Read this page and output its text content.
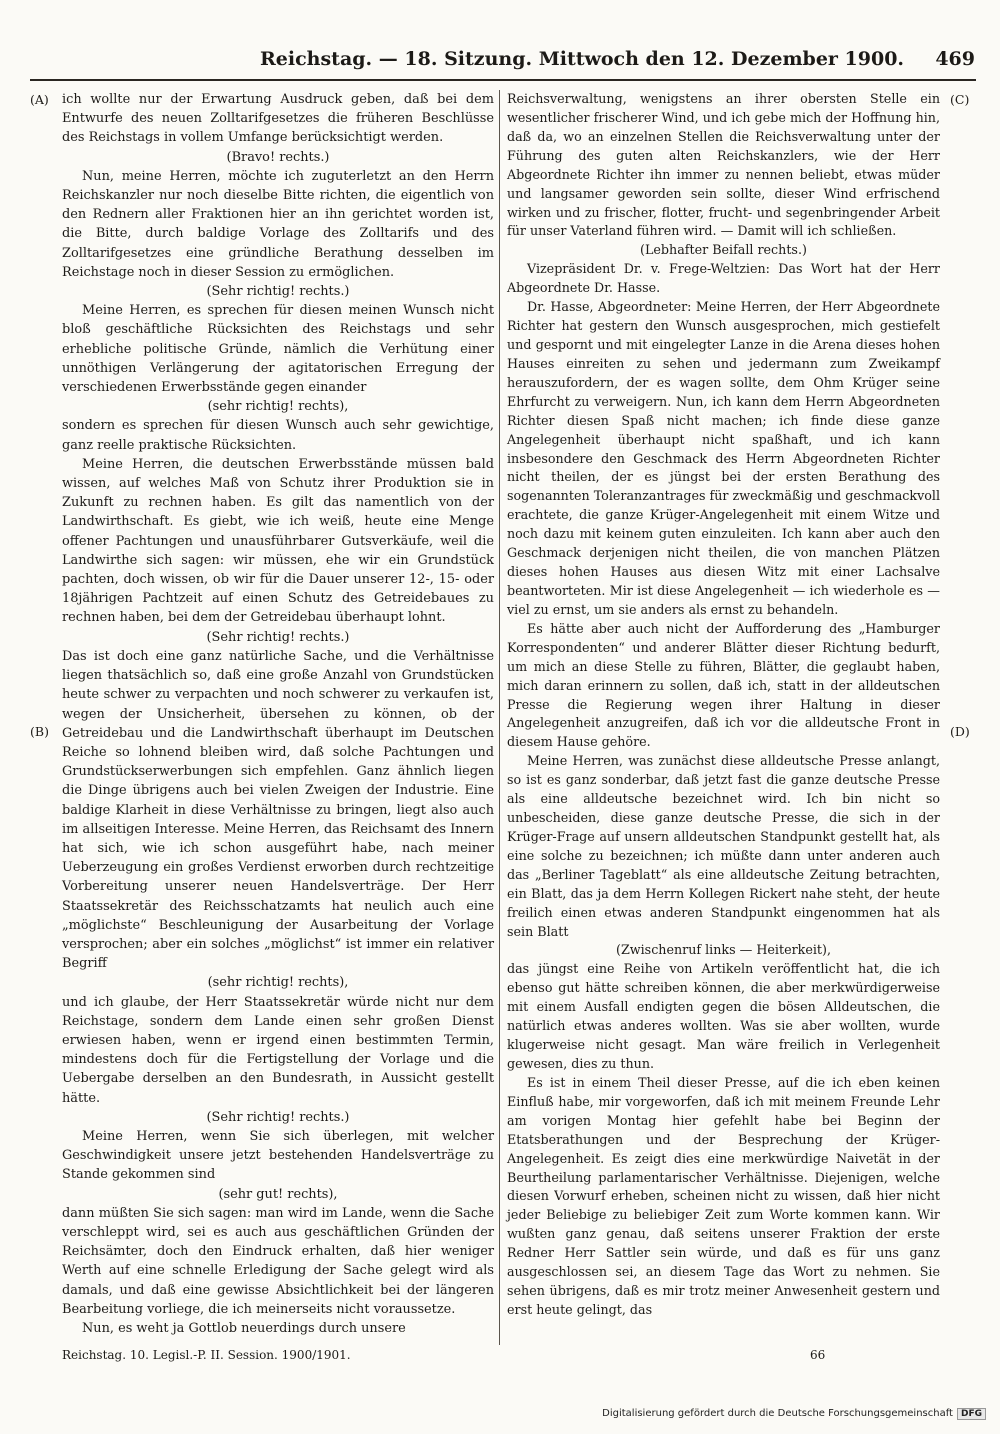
Reichstag. — 18. Sitzung. Mittwoch den 12. Dezember 1900. 469
(A)
(B)
(C)
(D)

ich wollte nur der Erwartung Ausdruck geben, daß bei dem Entwurfe des neuen Zolltarifgesetzes die früheren Beschlüsse des Reichstags in vollem Umfange berücksichtigt werden.

(Bravo! rechts.)

Nun, meine Herren, möchte ich zuguterletzt an den Herrn Reichskanzler nur noch dieselbe Bitte richten, die eigentlich von den Rednern aller Fraktionen hier an ihn gerichtet worden ist, die Bitte, durch baldige Vorlage des Zolltarifs und des Zolltarifgesetzes eine gründliche Berathung desselben im Reichstage noch in dieser Session zu ermöglichen.

(Sehr richtig! rechts.)

Meine Herren, es sprechen für diesen meinen Wunsch nicht bloß geschäftliche Rücksichten des Reichstags und sehr erhebliche politische Gründe, nämlich die Verhütung einer unnöthigen Verlängerung der agitatorischen Erregung der verschiedenen Erwerbsstände gegen einander

(sehr richtig! rechts),

sondern es sprechen für diesen Wunsch auch sehr gewichtige, ganz reelle praktische Rücksichten.

Meine Herren, die deutschen Erwerbsstände müssen bald wissen, auf welches Maß von Schutz ihrer Produktion sie in Zukunft zu rechnen haben. Es gilt das namentlich von der Landwirthschaft. Es giebt, wie ich weiß, heute eine Menge offener Pachtungen und unausführbarer Gutsverkäufe, weil die Landwirthe sich sagen: wir müssen, ehe wir ein Grundstück pachten, doch wissen, ob wir für die Dauer unserer 12-, 15- oder 18jährigen Pachtzeit auf einen Schutz des Getreidebaues zu rechnen haben, bei dem der Getreidebau überhaupt lohnt.

(Sehr richtig! rechts.)

Das ist doch eine ganz natürliche Sache, und die Verhältnisse liegen thatsächlich so, daß eine große Anzahl von Grundstücken heute schwer zu verpachten und noch schwerer zu verkaufen ist, wegen der Unsicherheit, übersehen zu können, ob der Getreidebau und die Landwirthschaft überhaupt im Deutschen Reiche so lohnend bleiben wird, daß solche Pachtungen und Grundstückserwerbungen sich empfehlen. Ganz ähnlich liegen die Dinge übrigens auch bei vielen Zweigen der Industrie. Eine baldige Klarheit in diese Verhältnisse zu bringen, liegt also auch im allseitigen Interesse. Meine Herren, das Reichsamt des Innern hat sich, wie ich schon ausgeführt habe, nach meiner Ueberzeugung ein großes Verdienst erworben durch rechtzeitige Vorbereitung unserer neuen Handelsverträge. Der Herr Staatssekretär des Reichsschatzamts hat neulich auch eine „möglichste“ Beschleunigung der Ausarbeitung der Vorlage versprochen; aber ein solches „möglichst“ ist immer ein relativer Begriff

(sehr richtig! rechts),

und ich glaube, der Herr Staatssekretär würde nicht nur dem Reichstage, sondern dem Lande einen sehr großen Dienst erwiesen haben, wenn er irgend einen bestimmten Termin, mindestens doch für die Fertigstellung der Vorlage und die Uebergabe derselben an den Bundesrath, in Aussicht gestellt hätte.

(Sehr richtig! rechts.)

Meine Herren, wenn Sie sich überlegen, mit welcher Geschwindigkeit unsere jetzt bestehenden Handelsverträge zu Stande gekommen sind

(sehr gut! rechts),

dann müßten Sie sich sagen: man wird im Lande, wenn die Sache verschleppt wird, sei es auch aus geschäftlichen Gründen der Reichsämter, doch den Eindruck erhalten, daß hier weniger Werth auf eine schnelle Erledigung der Sache gelegt wird als damals, und daß eine gewisse Absichtlichkeit bei der längeren Bearbeitung vorliege, die ich meinerseits nicht voraussetze.

Nun, es weht ja Gottlob neuerdings durch unsere

Reichsverwaltung, wenigstens an ihrer obersten Stelle ein wesentlicher frischerer Wind, und ich gebe mich der Hoffnung hin, daß da, wo an einzelnen Stellen die Reichsverwaltung unter der Führung des guten alten Reichskanzlers, wie der Herr Abgeordnete Richter ihn immer zu nennen beliebt, etwas müder und langsamer geworden sein sollte, dieser Wind erfrischend wirken und zu frischer, flotter, frucht- und segenbringender Arbeit für unser Vaterland führen wird. — Damit will ich schließen.

(Lebhafter Beifall rechts.)

Vizepräsident Dr. v. Frege-Weltzien: Das Wort hat der Herr Abgeordnete Dr. Hasse.

Dr. Hasse, Abgeordneter: Meine Herren, der Herr Abgeordnete Richter hat gestern den Wunsch ausgesprochen, mich gestiefelt und gespornt und mit eingelegter Lanze in die Arena dieses hohen Hauses einreiten zu sehen und jedermann zum Zweikampf herauszufordern, der es wagen sollte, dem Ohm Krüger seine Ehrfurcht zu verweigern. Nun, ich kann dem Herrn Abgeordneten Richter diesen Spaß nicht machen; ich finde diese ganze Angelegenheit überhaupt nicht spaßhaft, und ich kann insbesondere den Geschmack des Herrn Abgeordneten Richter nicht theilen, der es jüngst bei der ersten Berathung des sogenannten Toleranzantrages für zweckmäßig und geschmackvoll erachtete, die ganze Krüger-Angelegenheit mit einem Witze und noch dazu mit keinem guten einzuleiten. Ich kann aber auch den Geschmack derjenigen nicht theilen, die von manchen Plätzen dieses hohen Hauses aus diesen Witz mit einer Lachsalve beantworteten. Mir ist diese Angelegenheit — ich wiederhole es — viel zu ernst, um sie anders als ernst zu behandeln.

Es hätte aber auch nicht der Aufforderung des „Hamburger Korrespondenten“ und anderer Blätter dieser Richtung bedurft, um mich an diese Stelle zu führen, Blätter, die geglaubt haben, mich daran erinnern zu sollen, daß ich, statt in der alldeutschen Presse die Regierung wegen ihrer Haltung in dieser Angelegenheit anzugreifen, daß ich vor die alldeutsche Front in diesem Hause gehöre.

Meine Herren, was zunächst diese alldeutsche Presse anlangt, so ist es ganz sonderbar, daß jetzt fast die ganze deutsche Presse als eine alldeutsche bezeichnet wird. Ich bin nicht so unbescheiden, diese ganze deutsche Presse, die sich in der Krüger-Frage auf unsern alldeutschen Standpunkt gestellt hat, als eine solche zu bezeichnen; ich müßte dann unter anderen auch das „Berliner Tageblatt“ als eine alldeutsche Zeitung betrachten, ein Blatt, das ja dem Herrn Kollegen Rickert nahe steht, der heute freilich einen etwas anderen Standpunkt eingenommen hat als sein Blatt

(Zwischenruf links — Heiterkeit),

das jüngst eine Reihe von Artikeln veröffentlicht hat, die ich ebenso gut hätte schreiben können, die aber merkwürdigerweise mit einem Ausfall endigten gegen die bösen Alldeutschen, die natürlich etwas anderes wollten. Was sie aber wollten, wurde klugerweise nicht gesagt. Man wäre freilich in Verlegenheit gewesen, dies zu thun.

Es ist in einem Theil dieser Presse, auf die ich eben keinen Einfluß habe, mir vorgeworfen, daß ich mit meinem Freunde Lehr am vorigen Montag hier gefehlt habe bei Beginn der Etatsberathungen und der Besprechung der Krüger-Angelegenheit. Es zeigt dies eine merkwürdige Naivetät in der Beurtheilung parlamentarischer Verhältnisse. Diejenigen, welche diesen Vorwurf erheben, scheinen nicht zu wissen, daß hier nicht jeder Beliebige zu beliebiger Zeit zum Worte kommen kann. Wir wußten ganz genau, daß seitens unserer Fraktion der erste Redner Herr Sattler sein würde, und daß es für uns ganz ausgeschlossen sei, an diesem Tage das Wort zu nehmen. Sie sehen übrigens, daß es mir trotz meiner Anwesenheit gestern und erst heute gelingt, das

Reichstag. 10. Legisl.-P. II. Session. 1900/1901.	66
Digitalisierung gefördert durch die Deutsche Forschungsgemeinschaft DFG
